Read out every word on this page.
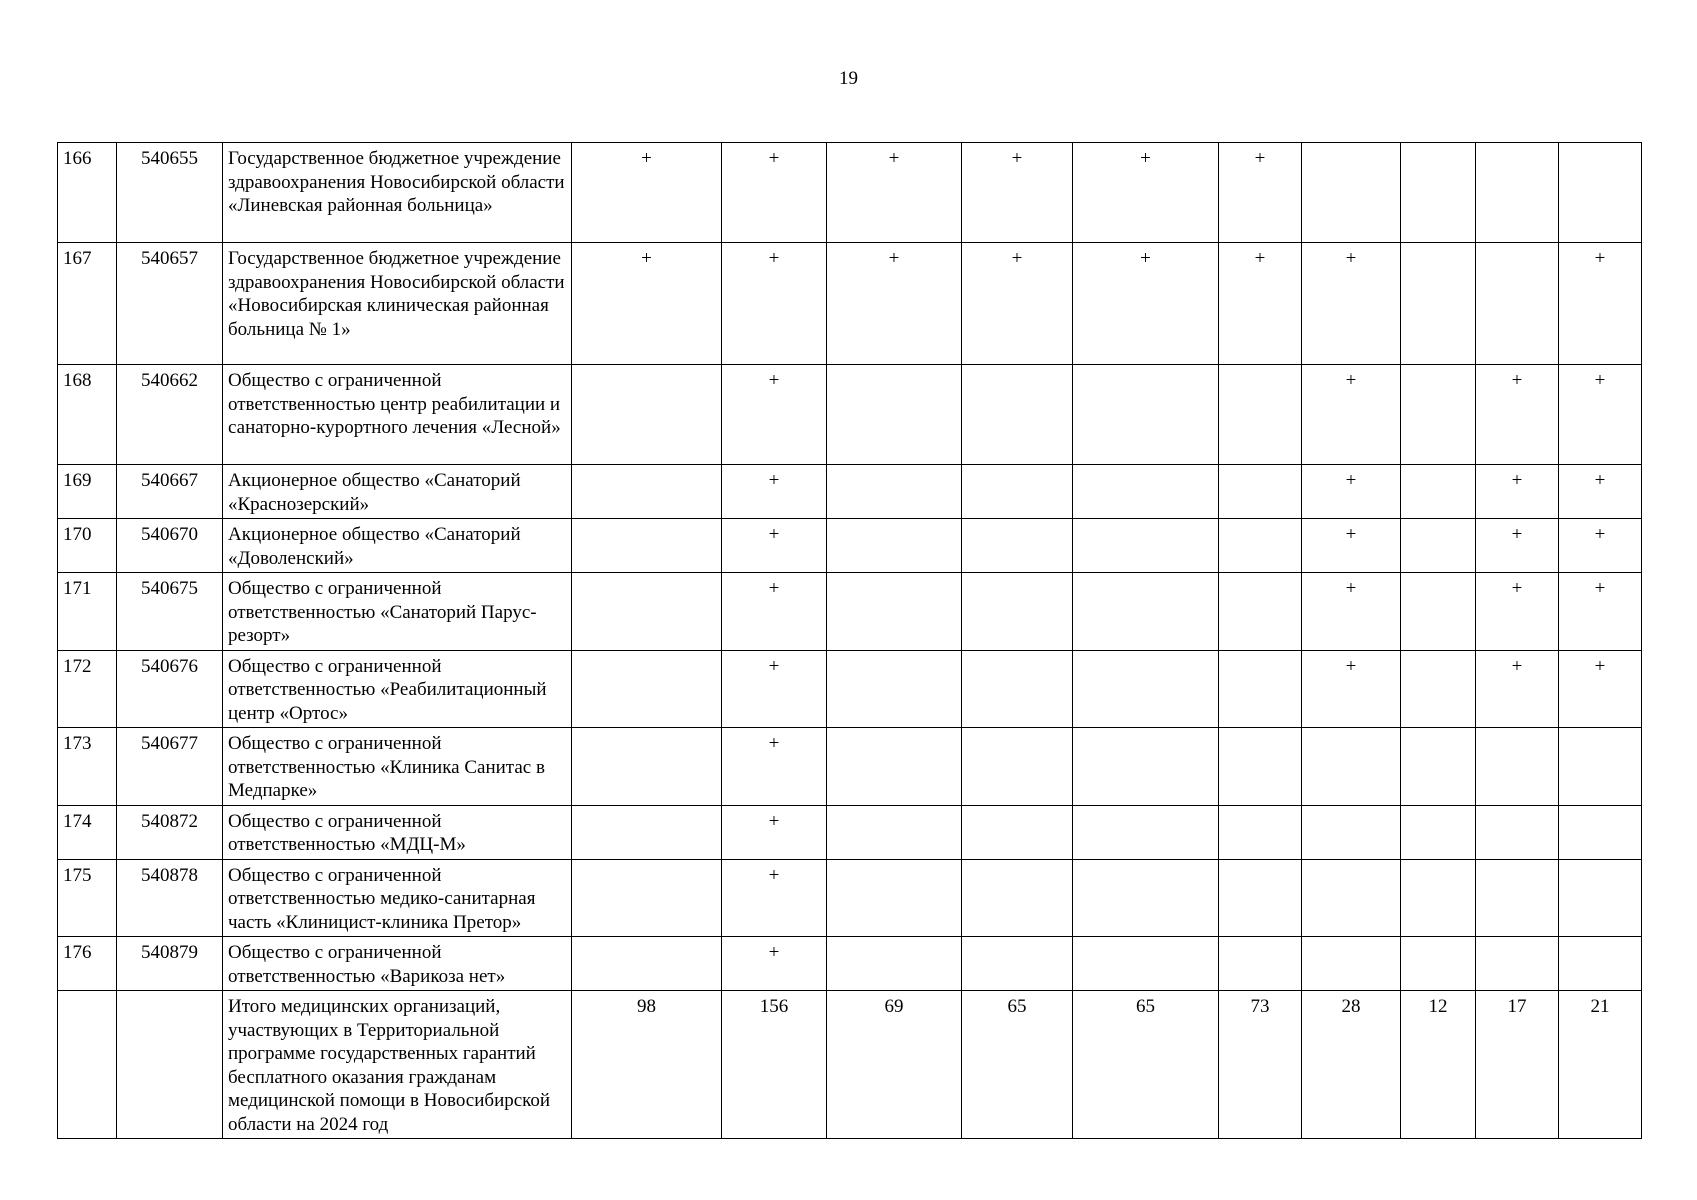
19
166	540655	Государственное бюджетное учреждение здравоохранения Новосибирской области «Линевская районная больница»	+	+	+	+	+	+				
167	540657	Государственное бюджетное учреждение здравоохранения Новосибирской области «Новосибирская клиническая районная больница № 1»	+	+	+	+	+	+	+			+
168	540662	Общество с ограниченной ответственностью центр реабилитации и санаторно-курортного лечения «Лесной»		+					+		+	+
169	540667	Акционерное общество «Санаторий «Краснозерский»		+					+		+	+
170	540670	Акционерное общество «Санаторий «Доволенский»		+					+		+	+
171	540675	Общество с ограниченной ответственностью «Санаторий Парус-резорт»		+					+		+	+
172	540676	Общество с ограниченной ответственностью «Реабилитационный центр «Ортос»		+					+		+	+
173	540677	Общество с ограниченной ответственностью «Клиника Санитас в Медпарке»		+								
174	540872	Общество с ограниченной ответственностью «МДЦ-М»		+								
175	540878	Общество с ограниченной ответственностью медико-санитарная часть «Клиницист-клиника Претор»		+								
176	540879	Общество с ограниченной ответственностью «Варикоза нет»		+								
		Итого медицинских организаций, участвующих в Территориальной программе государственных гарантий бесплатного оказания гражданам медицинской помощи в Новосибирской области на 2024 год	98	156	69	65	65	73	28	12	17	21
